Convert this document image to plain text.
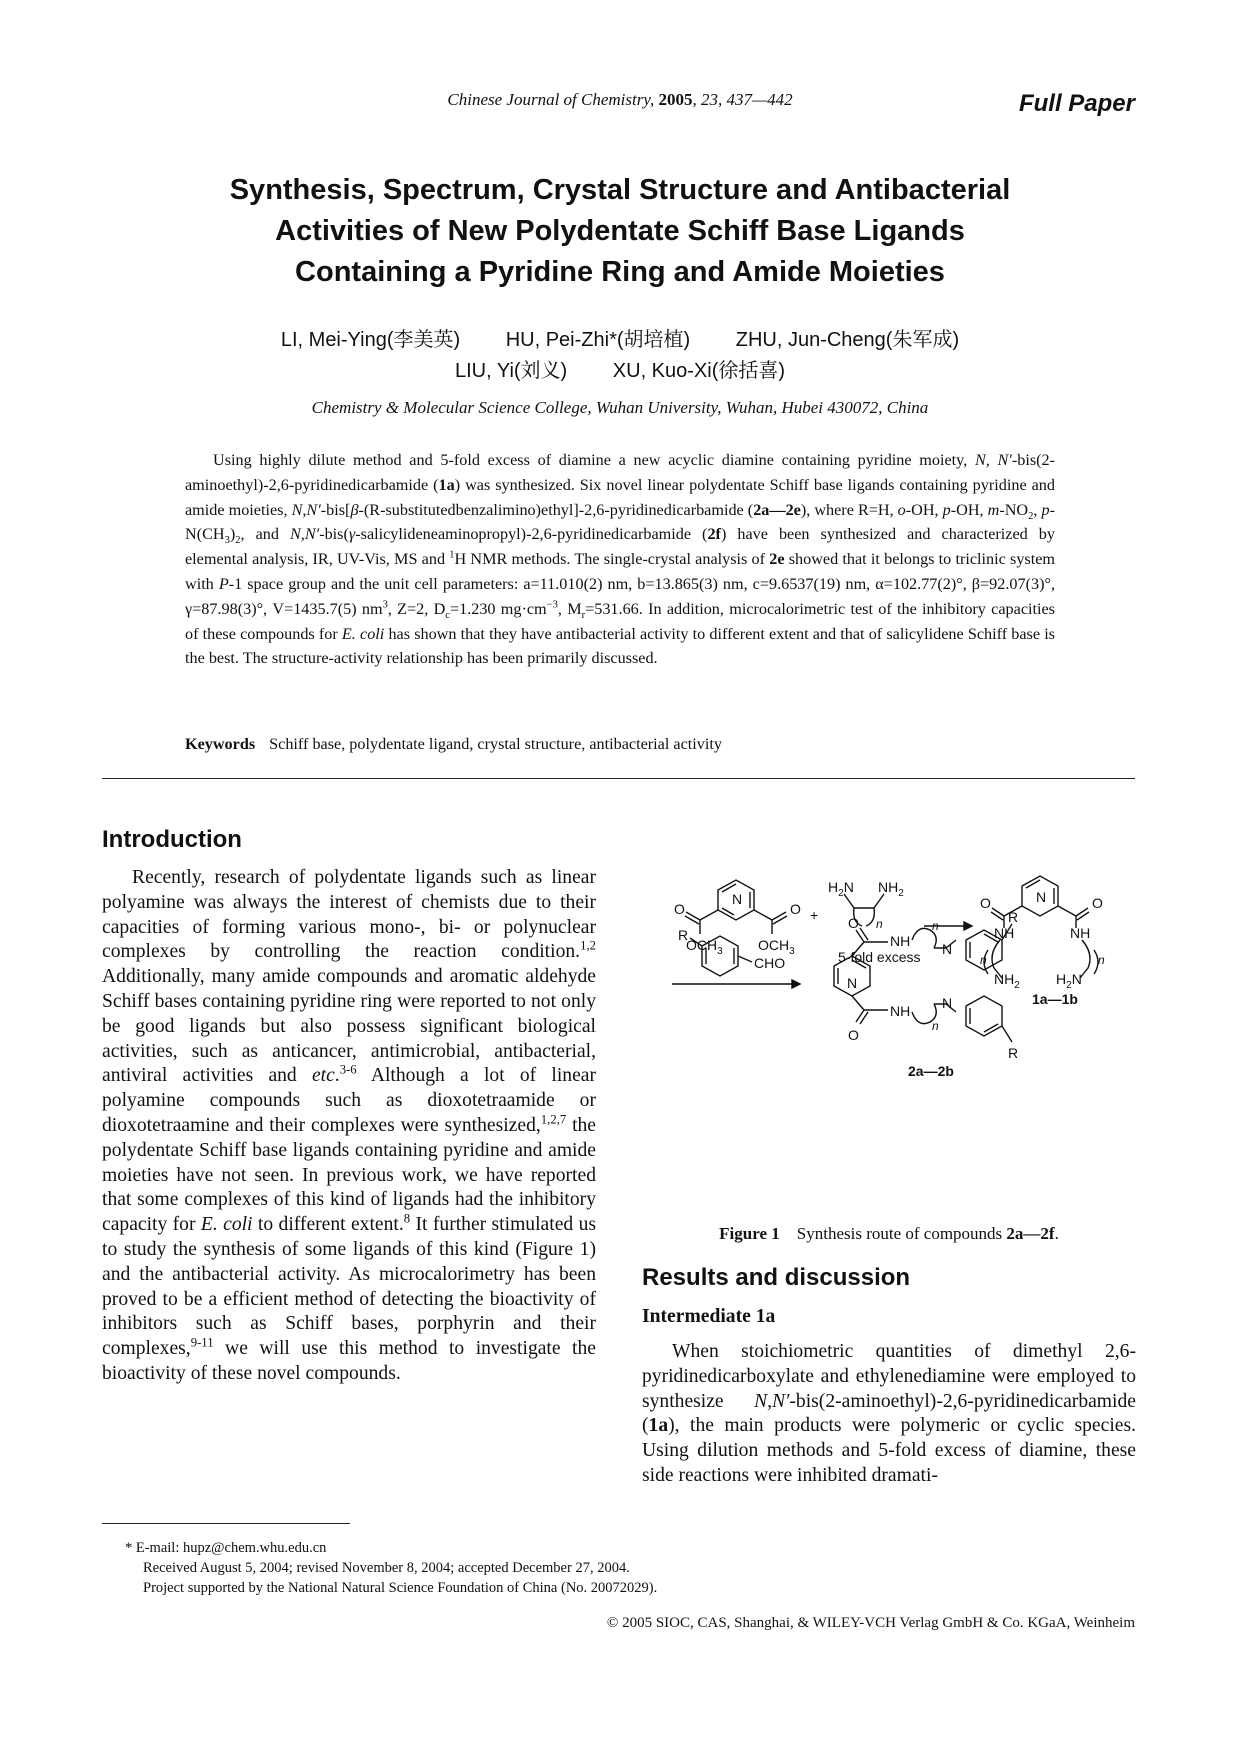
Chinese Journal of Chemistry, 2005, 23, 437—442	Full Paper
Synthesis, Spectrum, Crystal Structure and Antibacterial
Activities of New Polydentate Schiff Base Ligands
Containing a Pyridine Ring and Amide Moieties
LI, Mei-Ying(李美英) HU, Pei-Zhi*(胡培植) ZHU, Jun-Cheng(朱军成)
LIU, Yi(刘义) XU, Kuo-Xi(徐括喜)
Chemistry & Molecular Science College, Wuhan University, Wuhan, Hubei 430072, China
Using highly dilute method and 5-fold excess of diamine a new acyclic diamine containing pyridine moiety, N, N′-bis(2-aminoethyl)-2,6-pyridinedicarbamide (1a) was synthesized. Six novel linear polydentate Schiff base ligands containing pyridine and amide moieties, N,N′-bis[β-(R-substitutedbenzalimino)ethyl]-2,6-pyridinedicarbamide (2a—2e), where R=H, o-OH, p-OH, $m-NO_2$, $p-N(CH_3)_2$, and N,N′-bis(γ-salicylideneaminopropyl)-2,6-pyridinedicarbamide (2f) have been synthesized and characterized by elemental analysis, IR, UV-Vis, MS and $^1$H NMR methods. The single-crystal analysis of 2e showed that it belongs to triclinic system with P-1 space group and the unit cell parameters: a=11.010(2) nm, b=13.865(3) nm, c=9.6537(19) nm, α=102.77(2)°, β=92.07(3)°, γ=87.98(3)°, V=1435.7(5) $nm^3$, Z=2, $D_c=1.230$ $mg\cdot cm^{-3}$, $M_r=531.66$. In addition, microcalorimetric test of the inhibitory capacities of these compounds for E. coli has shown that they have antibacterial activity to different extent and that of salicylidene Schiff base is the best. The structure-activity relationship has been primarily discussed.
Keywords Schiff base, polydentate ligand, crystal structure, antibacterial activity
Introduction

Recently, research of polydentate ligands such as linear polyamine was always the interest of chemists due to their capacities of forming various mono-, bi- or polynuclear complexes by controlling the reaction condition.$^{1,2}$ Additionally, many amide compounds and aromatic aldehyde Schiff bases containing pyridine ring were reported to not only be good ligands but also possess significant biological activities, such as anticancer, antimicrobial, antibacterial, antiviral activities and etc.$^{3-6}$ Although a lot of linear polyamine compounds such as dioxotetraamide or dioxotetraamine and their complexes were synthesized,$^{1,2,7}$ the polydentate Schiff base ligands containing pyridine and amide moieties have not seen. In previous work, we have reported that some complexes of this kind of ligands had the inhibitory capacity for E. coli to different extent.$^8$ It further stimulated us to study the synthesis of some ligands of this kind (Figure 1) and the antibacterial activity. As microcalorimetry has been proved to be a efficient method of detecting the bioactivity of inhibitors such as Schiff bases, porphyrin and their complexes,$^{9-11}$ we will use this method to investigate the bioactivity of these novel compounds.

N
O	O
$OCH_3$	$OCH_3$
+
$H_2N$ $NH_2$
n
5-fold excess
N
O	O
NH	NH
n	n
$NH_2$	$H_2N$
1a—1b
R
CHO
N
O
O
NH
NH
n
n
N
N
R
R
2a—2b
Figure 1 Synthesis route of compounds 2a—2f.
Results and discussion
Intermediate 1a

When stoichiometric quantities of dimethyl 2,6-pyridinedicarboxylate and ethylenediamine were employed to synthesize N,N′-bis(2-aminoethyl)-2,6-pyridinedicarbamide (1a), the main products were polymeric or cyclic species. Using dilution methods and 5-fold excess of diamine, these side reactions were inhibited dramati-

* E-mail: hupz@chem.whu.edu.cn
Received August 5, 2004; revised November 8, 2004; accepted December 27, 2004.
Project supported by the National Natural Science Foundation of China (No. 20072029).
© 2005 SIOC, CAS, Shanghai, & WILEY-VCH Verlag GmbH & Co. KGaA, Weinheim
